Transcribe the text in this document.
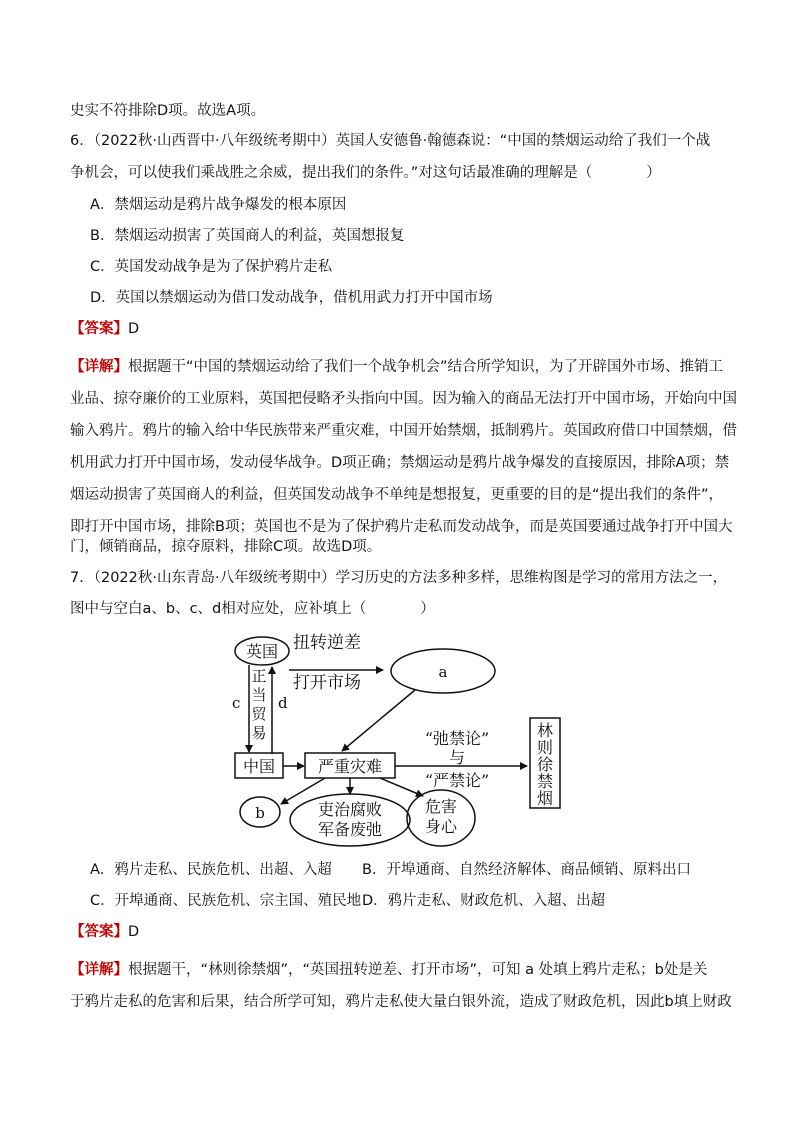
史实不符排除D项。故选A项。
6．（2022秋·山西晋中·八年级统考期中）英国人安德鲁·翰德森说：“中国的禁烟运动给了我们一个战
争机会，可以使我们乘战胜之余威，提出我们的条件。”对这句话最准确的理解是（	）
A．禁烟运动是鸦片战争爆发的根本原因
B．禁烟运动损害了英国商人的利益，英国想报复
C．英国发动战争是为了保护鸦片走私
D．英国以禁烟运动为借口发动战争，借机用武力打开中国市场
【答案】D
【详解】根据题干“中国的禁烟运动给了我们一个战争机会”结合所学知识，为了开辟国外市场、推销工
业品、掠夺廉价的工业原料，英国把侵略矛头指向中国。因为输入的商品无法打开中国市场，开始向中国
输入鸦片。鸦片的输入给中华民族带来严重灾难，中国开始禁烟，抵制鸦片。英国政府借口中国禁烟，借
机用武力打开中国市场，发动侵华战争。D项正确；禁烟运动是鸦片战争爆发的直接原因，排除A项；禁
烟运动损害了英国商人的利益，但英国发动战争不单纯是想报复，更重要的目的是“提出我们的条件”，
即打开中国市场，排除B项；英国也不是为了保护鸦片走私而发动战争，而是英国要通过战争打开中国大
门，倾销商品，掠夺原料，排除C项。故选D项。
7．（2022秋·山东青岛·八年级统考期中）学习历史的方法多种多样，思维构图是学习的常用方法之一，
图中与空白a、b、c、d相对应处，应补填上（	）
英国 扭转逆差
打开市场
a
c	d
正
当
贸
易
中国	严重灾难
“弛禁论”
与
“严禁论”
林
则
徐
禁
烟
b	吏治腐败
军备废弛
危害
身心
A．鸦片走私、民族危机、出超、入超 B．开埠通商、自然经济解体、商品倾销、原料出口
C．开埠通商、民族危机、宗主国、殖民地 D．鸦片走私、财政危机、入超、出超
【答案】D
【详解】根据题干，“林则徐禁烟”，“英国扭转逆差、打开市场”，可知 a 处填上鸦片走私；b处是关
于鸦片走私的危害和后果，结合所学可知，鸦片走私使大量白银外流，造成了财政危机，因此b填上财政
